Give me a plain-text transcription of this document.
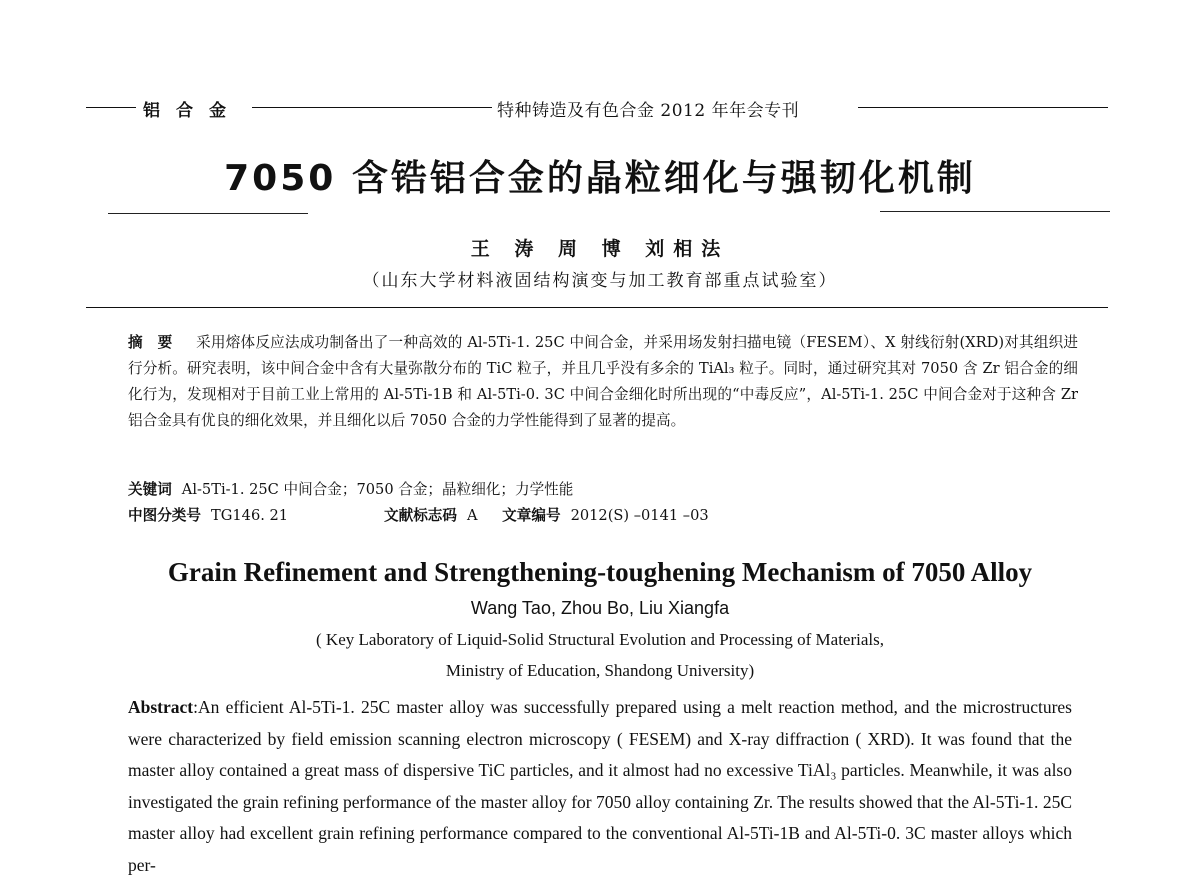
铝合金	特种铸造及有色合金 2012 年年会专刊
7050 含锆铝合金的晶粒细化与强韧化机制
王 涛 周 博 刘相法
（山东大学材料液固结构演变与加工教育部重点试验室）
摘　要 采用熔体反应法成功制备出了一种高效的 Al-5Ti-1. 25C 中间合金，并采用场发射扫描电镜（FESEM）、X 射线衍射(XRD)对其组织进行分析。研究表明，该中间合金中含有大量弥散分布的 TiC 粒子，并且几乎没有多余的 TiAl₃ 粒子。同时，通过研究其对 7050 含 Zr 铝合金的细化行为，发现相对于目前工业上常用的 Al-5Ti-1B 和 Al-5Ti-0. 3C 中间合金细化时所出现的“中毒反应”，Al-5Ti-1. 25C 中间合金对于这种含 Zr 铝合金具有优良的细化效果，并且细化以后 7050 合金的力学性能得到了显著的提高。
关键词 Al-5Ti-1. 25C 中间合金；7050 合金；晶粒细化；力学性能
中图分类号 TG146. 21	文献标志码 A 文章编号 2012(S) –0141 –03
Grain Refinement and Strengthening-toughening Mechanism of 7050 Alloy
Wang Tao, Zhou Bo, Liu Xiangfa
( Key Laboratory of Liquid-Solid Structural Evolution and Processing of Materials,
Ministry of Education, Shandong University)
Abstract:An efficient Al-5Ti-1. 25C master alloy was successfully prepared using a melt reaction method, and the microstructures were characterized by field emission scanning electron microscopy ( FESEM) and X-ray diffraction ( XRD). It was found that the master alloy contained a great mass of dispersive TiC particles, and it almost had no excessive TiAl₃ particles. Meanwhile, it was also investigated the grain refining performance of the master alloy for 7050 alloy containing Zr. The results showed that the Al-5Ti-1. 25C master alloy had excellent grain refining performance compared to the conventional Al-5Ti-1B and Al-5Ti-0. 3C master alloys which per-
